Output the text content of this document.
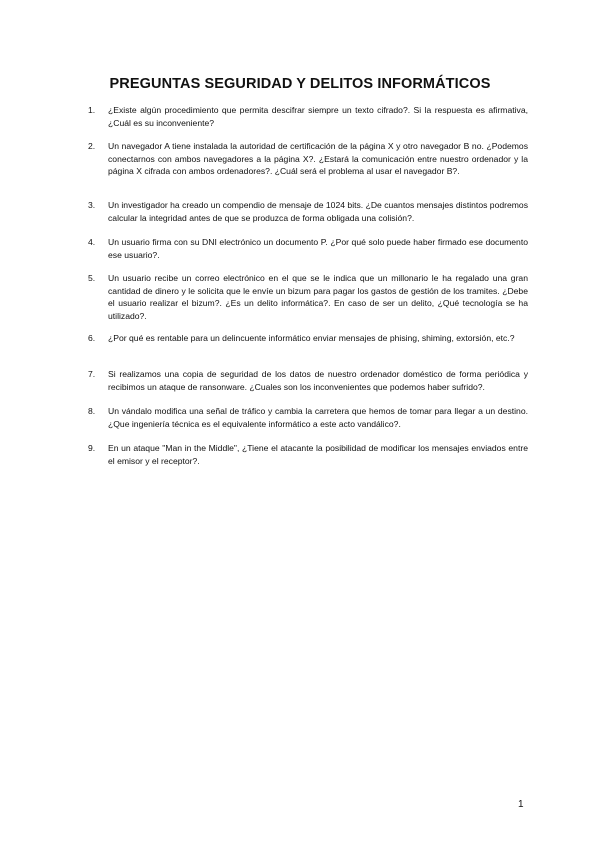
PREGUNTAS SEGURIDAD Y DELITOS INFORMÁTICOS
1.	¿Existe algún procedimiento que permita descifrar siempre un texto cifrado?. Si la respuesta es afirmativa, ¿Cuál es su inconveniente?
2.	Un navegador A tiene instalada la autoridad de certificación de la página X y otro navegador B no. ¿Podemos conectarnos con ambos navegadores a la página X?. ¿Estará la comunicación entre nuestro ordenador y la página X cifrada con ambos ordenadores?. ¿Cuál será el problema al usar el navegador B?.
3.	Un investigador ha creado un compendio de mensaje de 1024 bits. ¿De cuantos mensajes distintos podremos calcular la integridad antes de que se produzca de forma obligada una colisión?.
4.	Un usuario firma con su DNI electrónico un documento P. ¿Por qué solo puede haber firmado ese documento ese usuario?.
5.	Un usuario recibe un correo electrónico en el que se le indica que un millonario le ha regalado una gran cantidad de dinero y le solicita que le envíe un bizum para pagar los gastos de gestión de los tramites. ¿Debe el usuario realizar el bizum?. ¿Es un delito informática?. En caso de ser un delito, ¿Qué tecnología se ha utilizado?.
6.	¿Por qué es rentable para un delincuente informático enviar mensajes de phising, shiming, extorsión, etc.?
7.	Si realizamos una copia de seguridad de los datos de nuestro ordenador doméstico de forma periódica y recibimos un ataque de ransonware. ¿Cuales son los inconvenientes que podemos haber sufrido?.
8.	Un vándalo modifica una señal de tráfico y cambia la carretera que hemos de tomar para llegar a un destino. ¿Que ingeniería técnica es el equivalente informático a este acto vandálico?.
9.	En un ataque "Man in the Middle", ¿Tiene el atacante la posibilidad de modificar los mensajes enviados entre el emisor y el receptor?.
1
